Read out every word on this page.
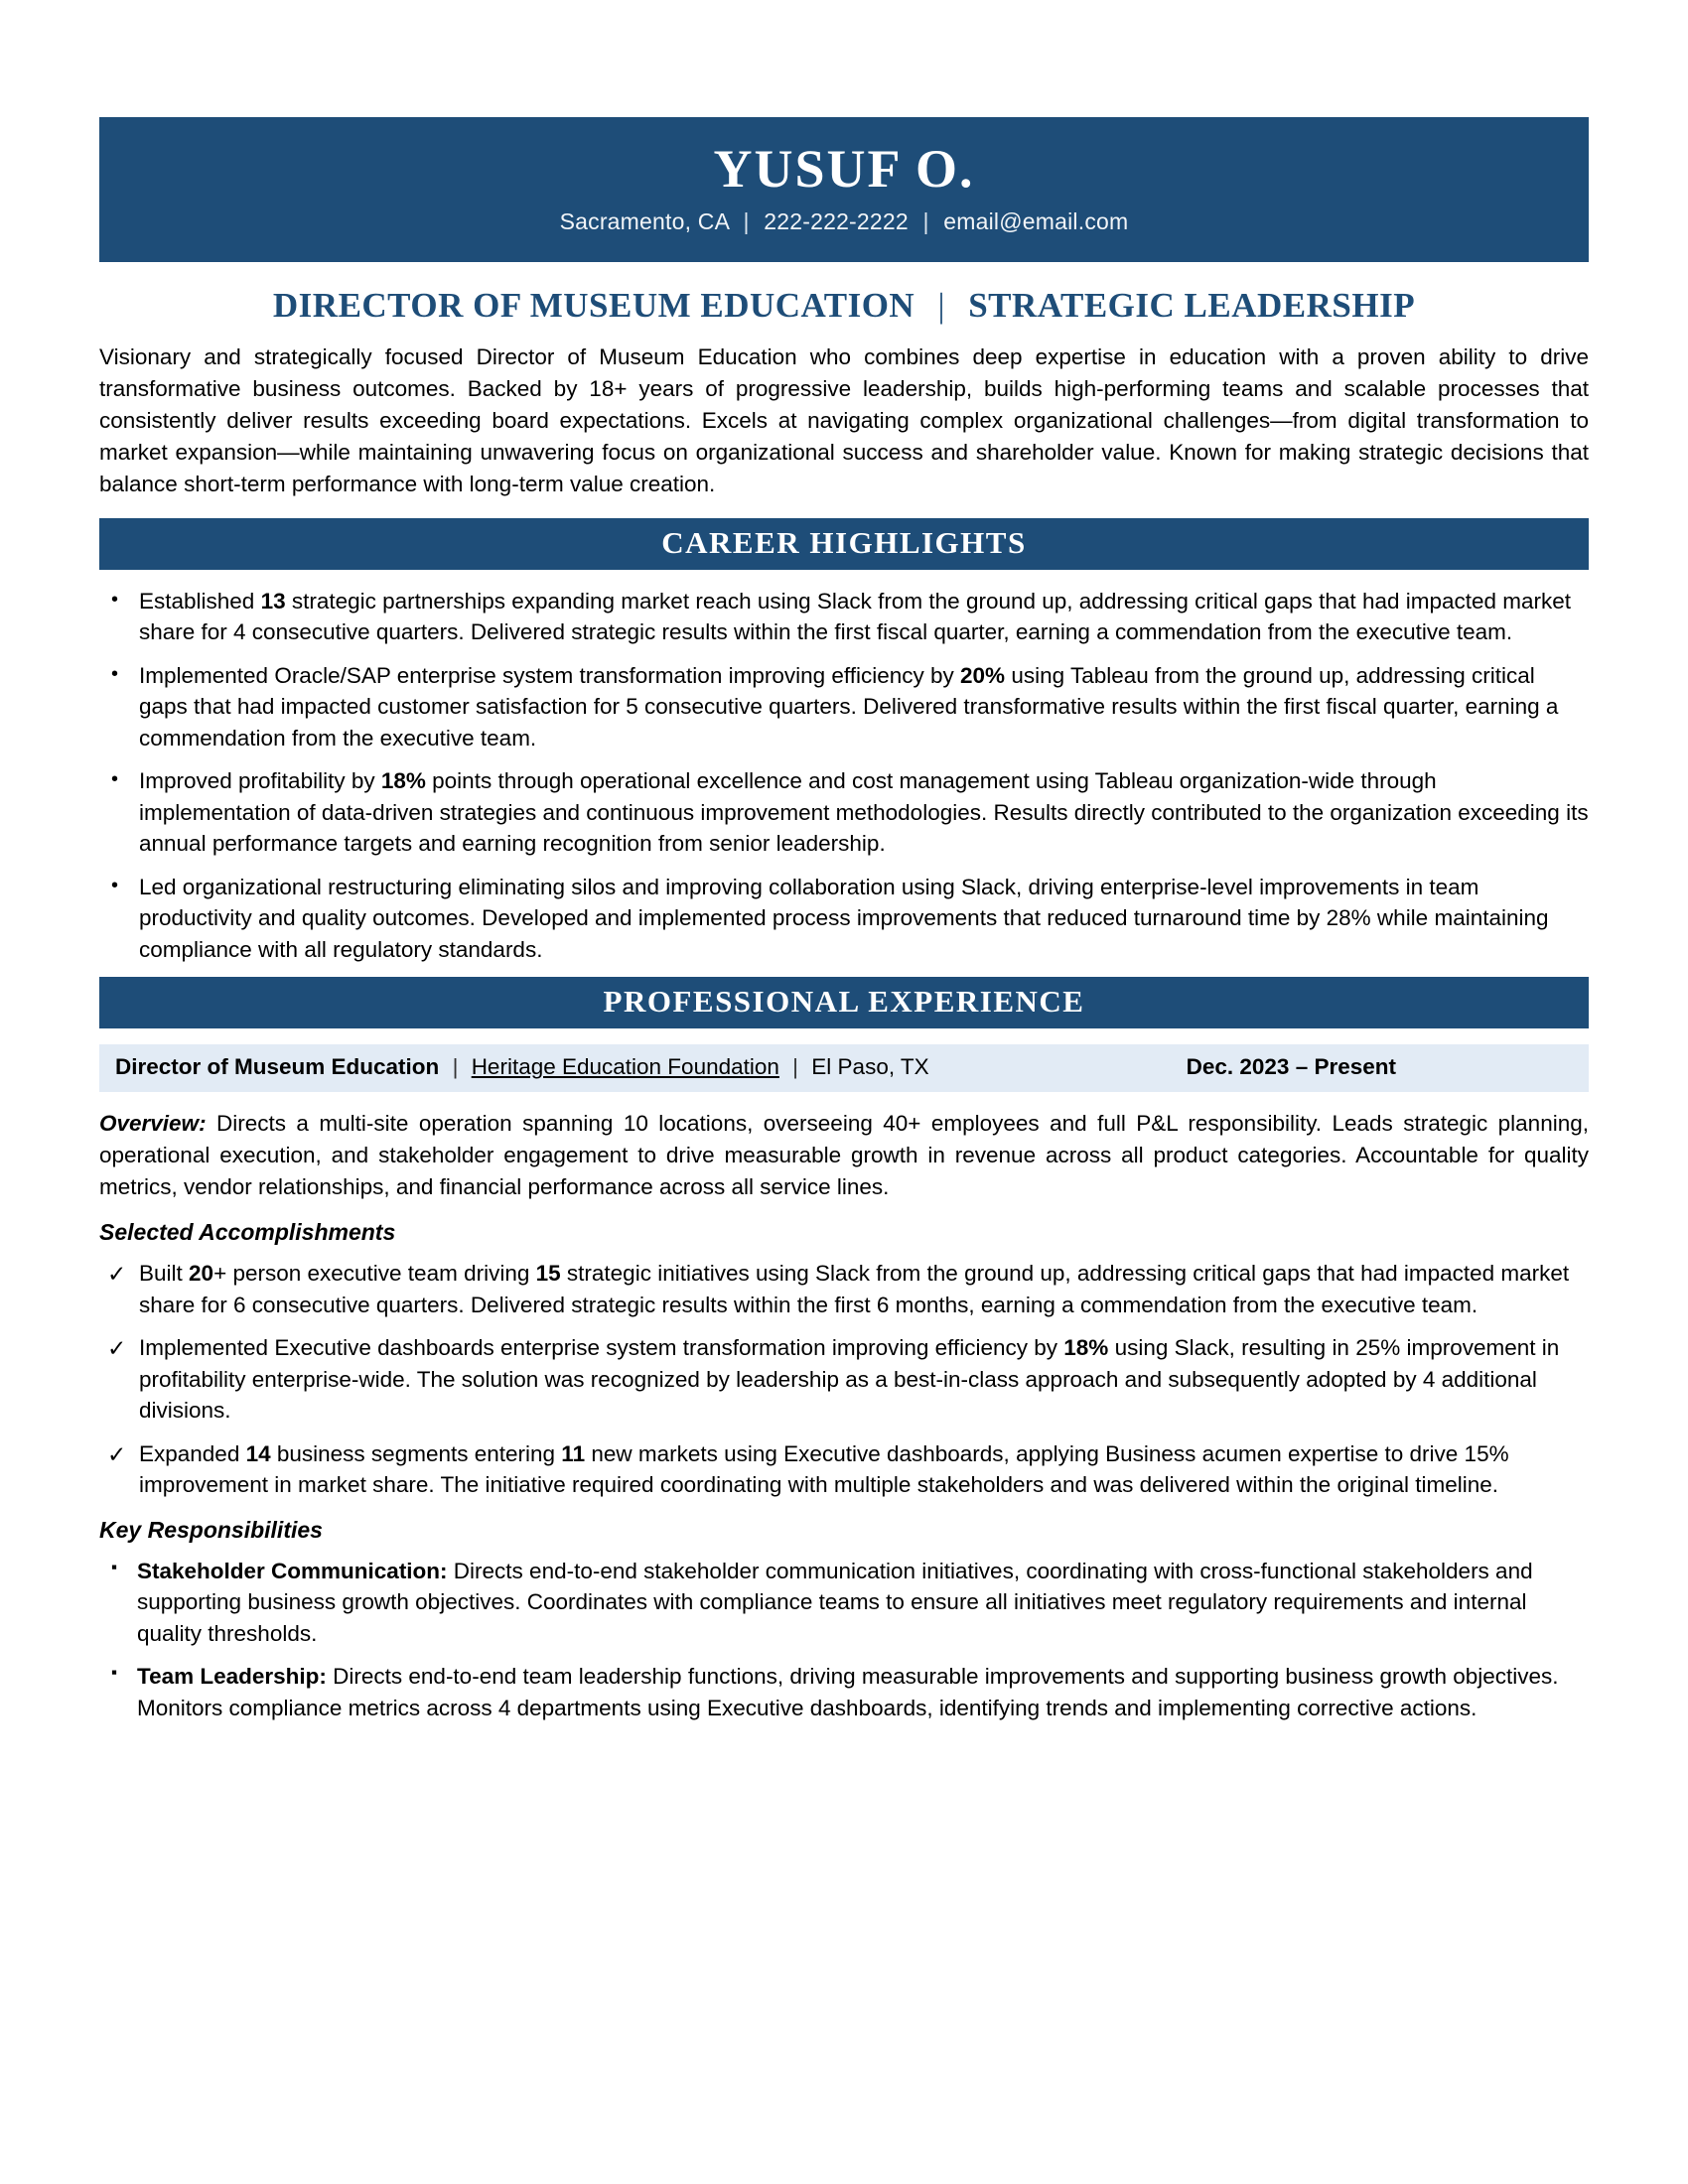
YUSUF O.
Sacramento, CA | 222-222-2222 | email@email.com
DIRECTOR OF MUSEUM EDUCATION | STRATEGIC LEADERSHIP

Visionary and strategically focused Director of Museum Education who combines deep expertise in education with a proven ability to drive transformative business outcomes. Backed by 18+ years of progressive leadership, builds high-performing teams and scalable processes that consistently deliver results exceeding board expectations. Excels at navigating complex organizational challenges—from digital transformation to market expansion—while maintaining unwavering focus on organizational success and shareholder value. Known for making strategic decisions that balance short-term performance with long-term value creation.

CAREER HIGHLIGHTS
• Established 13 strategic partnerships expanding market reach using Slack from the ground up, addressing critical gaps that had impacted market share for 4 consecutive quarters. Delivered strategic results within the first fiscal quarter, earning a commendation from the executive team.
• Implemented Oracle/SAP enterprise system transformation improving efficiency by 20% using Tableau from the ground up, addressing critical gaps that had impacted customer satisfaction for 5 consecutive quarters. Delivered transformative results within the first fiscal quarter, earning a commendation from the executive team.
• Improved profitability by 18% points through operational excellence and cost management using Tableau organization-wide through implementation of data-driven strategies and continuous improvement methodologies. Results directly contributed to the organization exceeding its annual performance targets and earning recognition from senior leadership.
• Led organizational restructuring eliminating silos and improving collaboration using Slack, driving enterprise-level improvements in team productivity and quality outcomes. Developed and implemented process improvements that reduced turnaround time by 28% while maintaining compliance with all regulatory standards.
PROFESSIONAL EXPERIENCE
Director of Museum Education | Heritage Education Foundation | El Paso, TX	Dec. 2023 – Present

Overview: Directs a multi-site operation spanning 10 locations, overseeing 40+ employees and full P&L responsibility. Leads strategic planning, operational execution, and stakeholder engagement to drive measurable growth in revenue across all product categories. Accountable for quality metrics, vendor relationships, and financial performance across all service lines.

Selected Accomplishments
✓ Built 20+ person executive team driving 15 strategic initiatives using Slack from the ground up, addressing critical gaps that had impacted market share for 6 consecutive quarters. Delivered strategic results within the first 6 months, earning a commendation from the executive team.
✓ Implemented Executive dashboards enterprise system transformation improving efficiency by 18% using Slack, resulting in 25% improvement in profitability enterprise-wide. The solution was recognized by leadership as a best-in-class approach and subsequently adopted by 4 additional divisions.
✓ Expanded 14 business segments entering 11 new markets using Executive dashboards, applying Business acumen expertise to drive 15% improvement in market share. The initiative required coordinating with multiple stakeholders and was delivered within the original timeline.
Key Responsibilities
▪ Stakeholder Communication: Directs end-to-end stakeholder communication initiatives, coordinating with cross-functional stakeholders and supporting business growth objectives. Coordinates with compliance teams to ensure all initiatives meet regulatory requirements and internal quality thresholds.
▪ Team Leadership: Directs end-to-end team leadership functions, driving measurable improvements and supporting business growth objectives. Monitors compliance metrics across 4 departments using Executive dashboards, identifying trends and implementing corrective actions.
